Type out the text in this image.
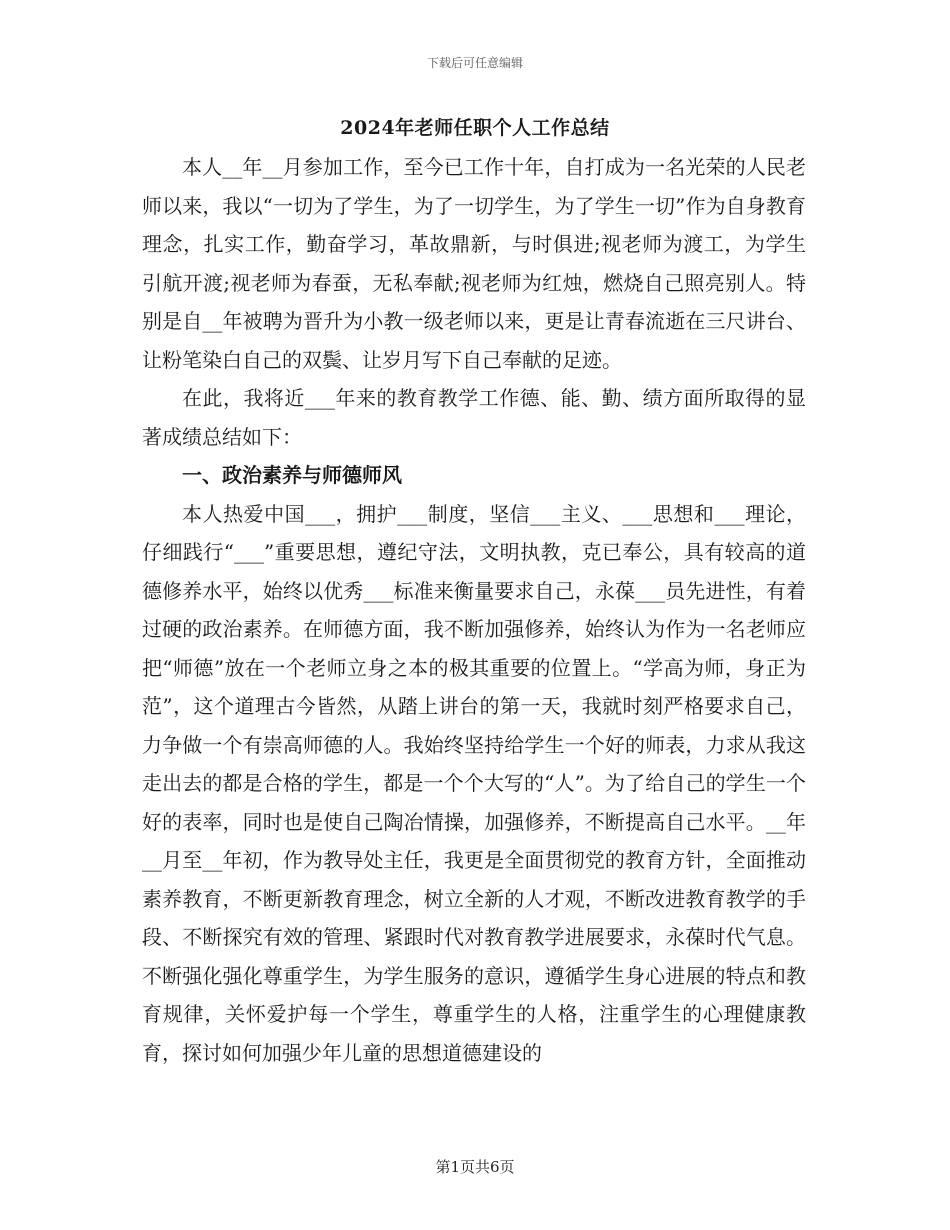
下载后可任意编辑
2024年老师任职个人工作总结

本人__年__月参加工作，至今已工作十年，自打成为一名光荣的人民老师以来，我以“一切为了学生，为了一切学生，为了学生一切”作为自身教育理念，扎实工作，勤奋学习，革故鼎新，与时俱进;视老师为渡工，为学生引航开渡;视老师为春蚕，无私奉献;视老师为红烛，燃烧自己照亮别人。特别是自__年被聘为晋升为小教一级老师以来，更是让青春流逝在三尺讲台、让粉笔染白自己的双鬓、让岁月写下自己奉献的足迹。

在此，我将近___年来的教育教学工作德、能、勤、绩方面所取得的显著成绩总结如下：

一、政治素养与师德师风

本人热爱中国___，拥护___制度，坚信___主义、___思想和___理论，仔细践行“___”重要思想，遵纪守法，文明执教，克已奉公，具有较高的道德修养水平，始终以优秀___标准来衡量要求自己，永葆___员先进性，有着过硬的政治素养。在师德方面，我不断加强修养，始终认为作为一名老师应把“师德”放在一个老师立身之本的极其重要的位置上。“学高为师，身正为范”，这个道理古今皆然，从踏上讲台的第一天，我就时刻严格要求自己，力争做一个有崇高师德的人。我始终坚持给学生一个好的师表，力求从我这走出去的都是合格的学生，都是一个个大写的“人”。为了给自己的学生一个好的表率，同时也是使自己陶冶情操，加强修养，不断提高自己水平。__年__月至__年初，作为教导处主任，我更是全面贯彻党的教育方针，全面推动素养教育，不断更新教育理念，树立全新的人才观，不断改进教育教学的手段、不断探究有效的管理、紧跟时代对教育教学进展要求，永葆时代气息。不断强化强化尊重学生，为学生服务的意识，遵循学生身心进展的特点和教育规律，关怀爱护每一个学生，尊重学生的人格，注重学生的心理健康教育，探讨如何加强少年儿童的思想道德建设的

第1页共6页
